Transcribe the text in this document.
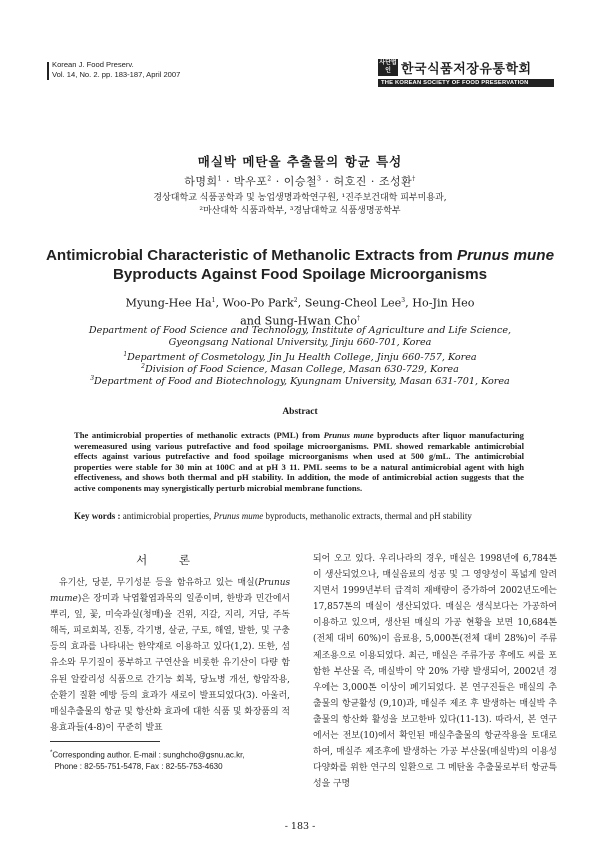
Korean J. Food Preserv.
Vol. 14, No. 2. pp. 183-187, April 2007
사단법인 한국식품저장유통학회
THE KOREAN SOCIETY OF FOOD PRESERVATION
매실박 메탄올 추출물의 항균 특성
하명희$^1$ · 박우포$^2$ · 이승철$^3$ · 허호진 · 조성환†
경상대학교 식품공학과 및 농업생명과학연구원, ¹진주보건대학 피부미용과,
²마산대학 식품과학부, ³경남대학교 식품생명공학부
Antimicrobial Characteristic of Methanolic Extracts from Prunus mune
Byproducts Against Food Spoilage Microorganisms
Myung-Hee Ha$^1$, Woo-Po Park$^2$, Seung-Cheol Lee$^3$, Ho-Jin Heo
and Sung-Hwan Cho†
Department of Food Science and Technology, Institute of Agriculture and Life Science,
Gyeongsang National University, Jinju 660-701, Korea
$^1$Department of Cosmetology, Jin Ju Health College, Jinju 660-757, Korea
$^2$Division of Food Science, Masan College, Masan 630-729, Korea
$^3$Department of Food and Biotechnology, Kyungnam University, Masan 631-701, Korea
Abstract
The antimicrobial properties of methanolic extracts (PML) from Prunus mune byproducts after liquor manufacturing weremeasured using various putrefactive and food spoilage microorganisms. PML showed remarkable antimicrobial effects against various putrefactive and food spoilage microorganisms when used at 500 g/mL. The antimicrobial properties were stable for 30 min at 100C and at pH 3 11. PML seems to be a natural antimicrobial agent with high effectiveness, and shows both thermal and pH stability. In addition, the mode of antimicrobial action suggests that the active components may synergistically perturb microbial membrane functions.
Key words : antimicrobial properties, Prunus mume byproducts, methanolic extracts, thermal and pH stability
서 론
유기산, 당분, 무기성분 등을 함유하고 있는 매실(Prunus mume)은 장미과 낙엽활엽과목의 일종이며, 한방과 민간에서 뿌리, 잎, 꽃, 미숙과실(청매)을 건위, 지갈, 지리, 거담, 주독 해독, 피로회복, 진통, 각기병, 살균, 구토, 해열, 발한, 및 구충 등의 효과를 나타내는 한약재로 이용하고 있다(1,2). 또한, 섬유소와 무기질이 풍부하고 구연산을 비롯한 유기산이 다량 함유된 알칼리성 식품으로 간기능 회복, 당뇨병 개선, 항암작용, 순환기 질환 예방 등의 효과가 새로이 발표되었다(3). 아울러, 매실추출물의 항균 및 항산화 효과에 대한 식품 및 화장품의 적용효과들(4-8)이 꾸준히 발표
되어 오고 있다. 우리나라의 경우, 매실은 1998년에 6,784톤이 생산되었으나, 매실음료의 성공 및 그 영양성이 폭넓게 알려지면서 1999년부터 급격히 재배량이 증가하여 2002년도에는 17,857톤의 매실이 생산되었다. 매실은 생식보다는 가공하여 이용하고 있으며, 생산된 매실의 가공 현황을 보면 10,684톤(전체 대비 60%)이 음료용, 5,000톤(전체 대비 28%)이 주류제조용으로 이용되었다. 최근, 매실은 주류가공 후에도 씨를 포함한 부산물 즉, 매실박이 약 20% 가량 발생되어, 2002년 경우에는 3,000톤 이상이 폐기되었다. 본 연구진들은 매실의 추출물의 항균활성 (9,10)과, 매실주 제조 후 발생하는 매실박 추출물의 항산화 활성을 보고한바 있다(11-13). 따라서, 본 연구에서는 전보(10)에서 확인된 매실추출물의 항균작용을 토대로 하여, 매실주 제조후에 발생하는 가공 부산물(매실박)의 이용성 다양화를 위한 연구의 일환으로 그 메탄올 추출물로부터 항균특성을 구명
*Corresponding author. E-mail : sunghcho@gsnu.ac.kr,
Phone : 82-55-751-5478, Fax : 82-55-753-4630
- 183 -
